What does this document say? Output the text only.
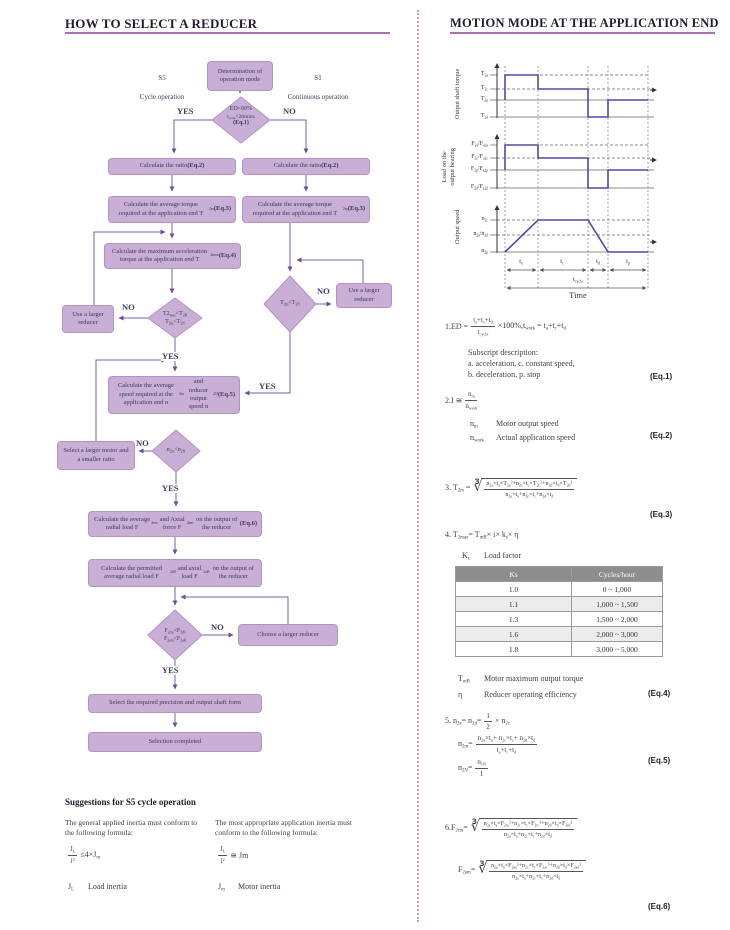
HOW TO SELECT A REDUCER	MOTION MODE AT THE APPLICATION END
Determination of operation mode
ED<60%
$t_{work}<20\min s$
(Eq.1)
S5
Cycle operation
S1
Continuous operation
YES	NO
Calculate the ratio (Eq.2)	Calculate the ratio (Eq.2)
Calculate the average torque required at the application end T
2m (Eq.3)
Calculate the average torque required at the application end T
2m (Eq.3)
Calculate the maximum acceleration torque at the application end T
2max (Eq.4)
$T2_{max}<T_{2B}$
$T_{2m}<T_{2N}$
Use a larger reducer
NO
YES
$T_{2m}<T_{2N}$
Use a larger reducer
NO
YES
Calculate the average speed required at the application end n
2m
and reducer output speed n
2N (Eq.5)
$n_{2m}<n_{2N}$
Select a larger motor and a smaller ratio
NO
YES
Calculate the average radial load F
2rm
and Axial force F
2am
on the output of the reducer
(Eq.6)
Calculate the permitted average radial load F
2rB
and axial load F
2aB
on the output of the reducer
$F_{2rm}<F_{2rB}$
$F_{2am}<F_{2aB}$
Choose a larger reducer
NO
YES
Select the required precision and output shaft form
Selection completed
Output shaft torque
Load on the output bearing
Output speed
$T_{2a}$
$T_{2c}$
$T_{2p}$
$T_{2d}$
$F_{2a}/F_{a2a}$
$F_{2c}/F_{a2c}$
$F_{2p}/F_{a2p}$
$F_{2d}/F_{a2d}$
$n_{2c}$
$n_{2a}/n_{2d}$
$n_{2p}$
$t_a$	$t_c$	$t_d$	$t_p$
$t_{cycle}$
Time
$1.ED = \frac{t_a+t_c+t_d}{t_{cycle}} \times 100\%,t_{work} = t_a+t_c+t_d$
Subscript description:
a. acceleration, c. constant speed,
b. deceleration, p. stop	(Eq.1)
2.I ≅ $\frac{n_m}{n_{work}}$
$n_m$	Motor output speed
$n_{work}$	Actual application speed	(Eq.2)
3. $T_{2m}$ = ∛ $\frac{n_{2a}\times t_a\times T_{2a}^3+n_{2c}\times t_c\times T_{2c}^3+n_{2d}\times t_d\times T_{2d}^3}{n_{2a}\times t_a+n_{2c}\times t_c+n_{2d}\times t_d}$
(Eq.3)
4. $T_{2max}= T_{mB}\times i\times k_s\times \eta$
$K_s$	Load factor
Ks	Cycles/hour
1.0	0 ~ 1,000
1.1	1,000 ~ 1,500
1.3	1,500 ~ 2,000
1.6	2,000 ~ 3,000
1.8	3,000 ~ 5,000
$T_{mB}$	Motor maximum output torque
η	Reducer operating efficiency	(Eq.4)
5. $n_{2a}= n_{2d}= \frac{1}{2} \times n_{2c}$
$n_{2m}= \frac{n_{2a}\times t_a+ n_{2c}\times t_c+ n_{2d}\times t_d}{t_a+t_c+t_d}$
$n_{2N}= \frac{n_{1N}}{I}$	(Eq.5)
$6.F_{2rm}=$ ∛ $\frac{n_{2a}\times t_a\times F_{2ra}^3+n_{2c}\times t_c\times F_{2rc}^3+n_{2d}\times t_d\times F_{2rd}^3}{n_{2a}\times t_a+n_{2c}\times t_c+n_{2d}\times t_d}$
$F_{2am}=$ ∛ $\frac{n_{2a}\times t_a\times F_{2aa}^3+n_{2c}\times t_c\times F_{2ac}^3+n_{2d}\times t_d\times F_{2ad}^3}{n_{2a}\times t_a+n_{2c}\times t_c+n_{2d}\times t_d}$
(Eq.6)
Suggestions for S5 cycle operation
The general applied inertia must conform to the following formula:
$\frac{J_L}{i^2} \le 4\times J_m$
$J_L$	Load inertia
The most appropriate application inertia must conform to the following formula:
$\frac{J_L}{i^2}$ ≅ Jm
$J_m$	Motor inertia
